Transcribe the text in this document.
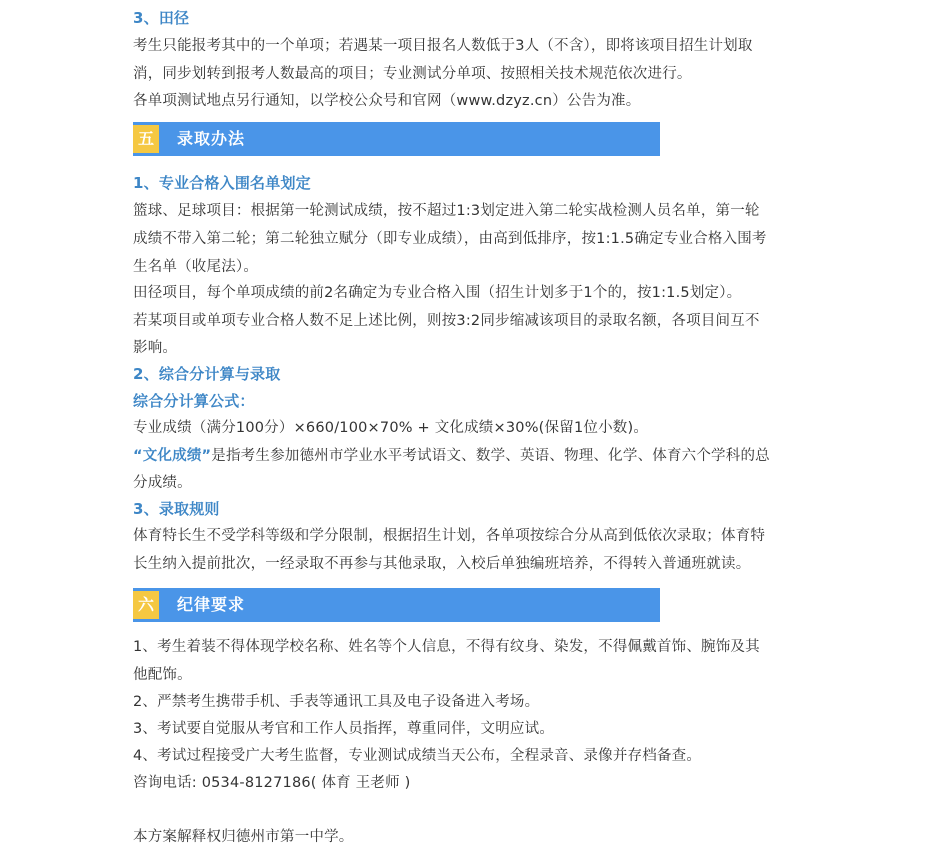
3、田径
考生只能报考其中的一个单项；若遇某一项目报名人数低于3人（不含），即将该项目招生计划取
消，同步划转到报考人数最高的项目；专业测试分单项、按照相关技术规范依次进行。
各单项测试地点另行通知，以学校公众号和官网（www.dzyz.cn）公告为准。
五	录取办法
1、专业合格入围名单划定
篮球、足球项目：根据第一轮测试成绩，按不超过1:3划定进入第二轮实战检测人员名单，第一轮
成绩不带入第二轮；第二轮独立赋分（即专业成绩），由高到低排序，按1:1.5确定专业合格入围考
生名单（收尾法）。
田径项目，每个单项成绩的前2名确定为专业合格入围（招生计划多于1个的，按1:1.5划定）。
若某项目或单项专业合格人数不足上述比例，则按3:2同步缩减该项目的录取名额，各项目间互不
影响。
2、综合分计算与录取
综合分计算公式：
专业成绩（满分100分）×660/100×70% + 文化成绩×30%(保留1位小数)。
“文化成绩”是指考生参加德州市学业水平考试语文、数学、英语、物理、化学、体育六个学科的总
分成绩。
3、录取规则
体育特长生不受学科等级和学分限制，根据招生计划，各单项按综合分从高到低依次录取；体育特
长生纳入提前批次，一经录取不再参与其他录取，入校后单独编班培养，不得转入普通班就读。
六	纪律要求
1、考生着装不得体现学校名称、姓名等个人信息，不得有纹身、染发，不得佩戴首饰、腕饰及其
他配饰。
2、严禁考生携带手机、手表等通讯工具及电子设备进入考场。
3、考试要自觉服从考官和工作人员指挥，尊重同伴，文明应试。
4、考试过程接受广大考生监督，专业测试成绩当天公布，全程录音、录像并存档备查。
咨询电话: 0534-8127186( 体育 王老师 )
本方案解释权归德州市第一中学。
